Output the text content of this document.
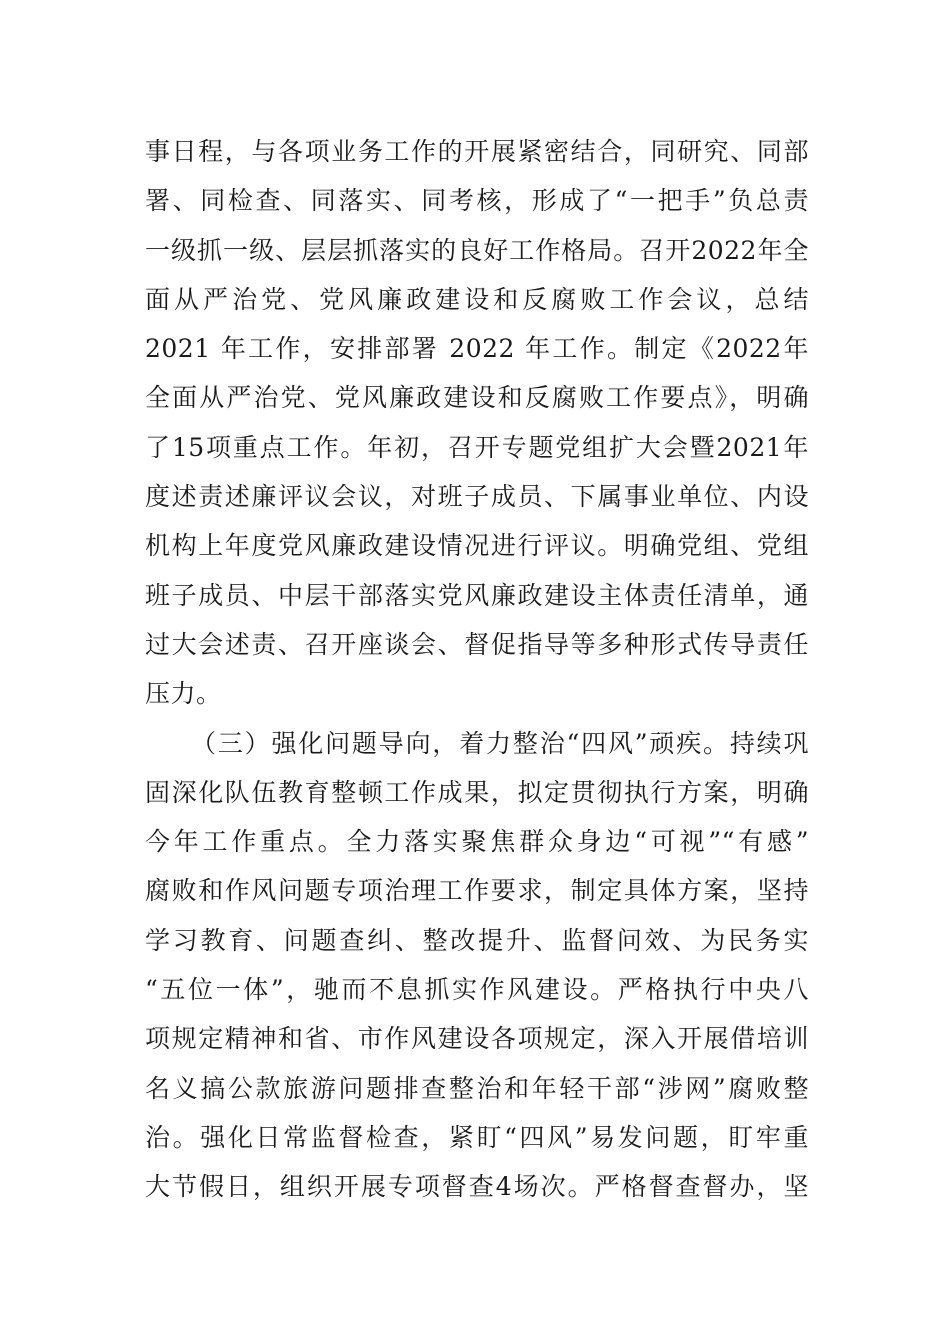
事日程，与各项业务工作的开展紧密结合，同研究、同部
署、同检查、同落实、同考核，形成了“一把手”负总责
一级抓一级、层层抓落实的良好工作格局。召开2022年全
面从严治党、党风廉政建设和反腐败工作会议，总结
2021 年工作，安排部署 2022 年工作。制定《2022年
全面从严治党、党风廉政建设和反腐败工作要点》，明确
了15项重点工作。年初，召开专题党组扩大会暨2021年
度述责述廉评议会议，对班子成员、下属事业单位、内设
机构上年度党风廉政建设情况进行评议。明确党组、党组
班子成员、中层干部落实党风廉政建设主体责任清单，通
过大会述责、召开座谈会、督促指导等多种形式传导责任
压力。
（三）强化问题导向，着力整治“四风”顽疾。持续巩
固深化队伍教育整顿工作成果，拟定贯彻执行方案，明确
今年工作重点。全力落实聚焦群众身边“可视”“有感”
腐败和作风问题专项治理工作要求，制定具体方案，坚持
学习教育、问题查纠、整改提升、监督问效、为民务实
“五位一体”，驰而不息抓实作风建设。严格执行中央八
项规定精神和省、市作风建设各项规定，深入开展借培训
名义搞公款旅游问题排查整治和年轻干部“涉网”腐败整
治。强化日常监督检查，紧盯“四风”易发问题，盯牢重
大节假日，组织开展专项督查4场次。严格督查督办，坚
